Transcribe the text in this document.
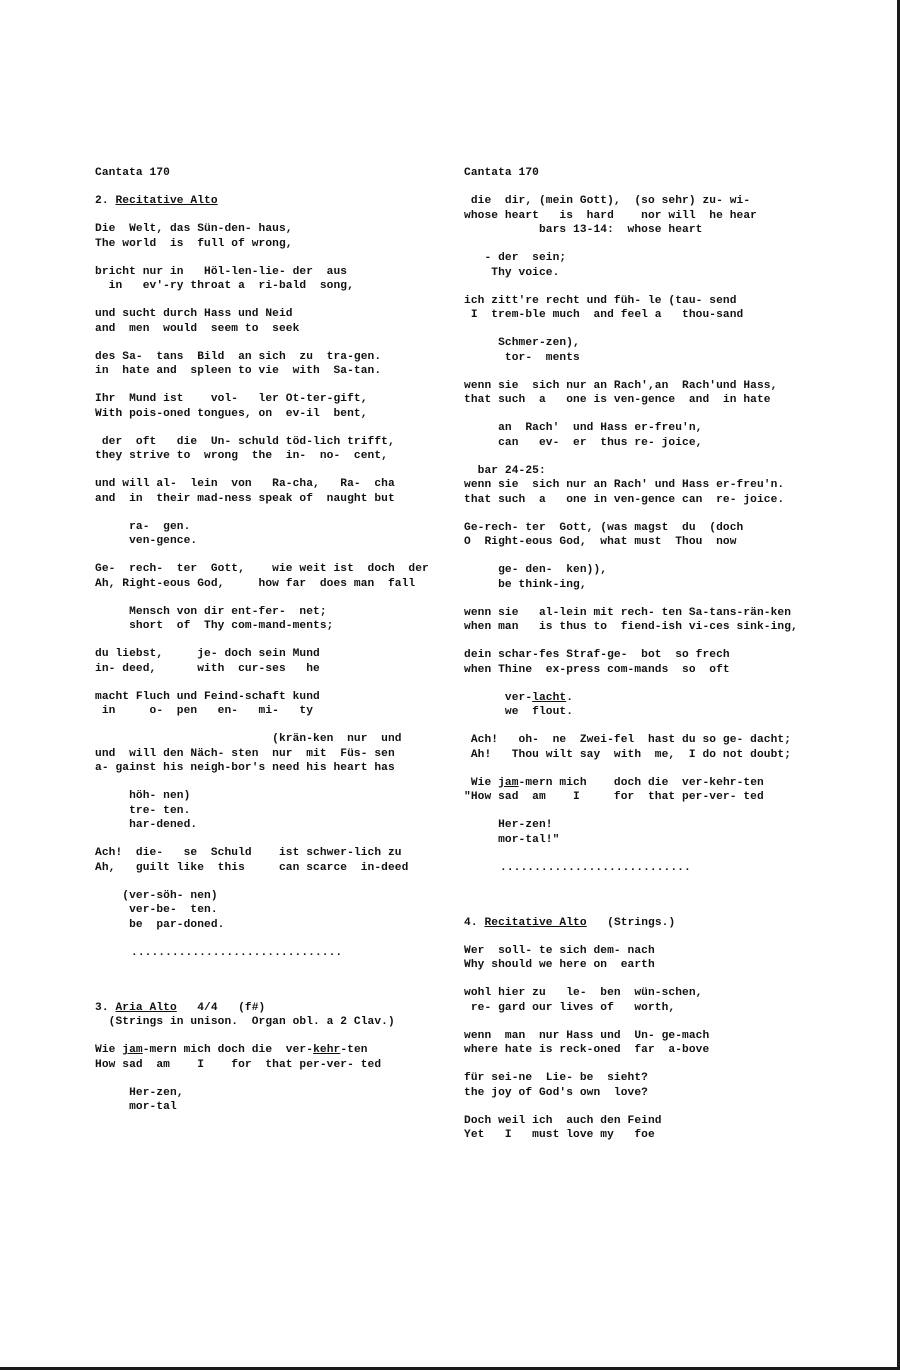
Cantata 170
2. Recitative Alto
Die  Welt, das Sün-den- haus,
The world  is  full of wrong,
bricht nur in   Höl-len-lie- der  aus
in   ev'-ry throat a  ri-bald  song,
und sucht durch Hass und Neid
and  men  would  seem to  seek
des Sa-  tans  Bild  an sich  zu  tra-gen.
in  hate and  spleen to vie  with  Sa-tan.
Ihr  Mund ist    vol-   ler Ot-ter-gift,
With pois-oned tongues, on  ev-il  bent,
der  oft   die  Un- schuld töd-lich trifft,
they strive to  wrong  the  in-  no-  cent,
und will al-  lein  von   Ra-cha,   Ra-  cha
and  in  their mad-ness speak of  naught but
ra-  gen.
ven-gence.
Ge-  rech-  ter  Gott,    wie weit ist  doch  der
Ah, Right-eous God,     how far  does man  fall
Mensch von dir ent-fer-  net;
short  of  Thy com-mand-ments;
du liebst,     je- doch sein Mund
in- deed,      with  cur-ses   he
macht Fluch und Feind-schaft kund
in     o-  pen   en-   mi-   ty
(krän-ken  nur  und
und  will den Näch- sten  nur  mit  Füs- sen
a- gainst his neigh-bor's need his heart has
höh- nen)
tre- ten.
har-dened.
Ach!  die-   se  Schuld    ist schwer-lich zu
Ah,   guilt like  this     can scarce  in-deed
(ver-söh- nen)
ver-be-  ten.
be  par-doned.
...............................
3. Aria Alto   4/4   (f#)
(Strings in unison.  Organ obl. a 2 Clav.)
Wie jam-mern mich doch die  ver-kehr-ten
How sad  am    I    for  that per-ver- ted
Her-zen,
mor-tal
Cantata 170
die  dir, (mein Gott),  (so sehr) zu- wi-
whose heart   is  hard    nor will  he hear
bars 13-14:  whose heart
- der  sein;
Thy voice.
ich zitt're recht und füh- le (tau- send
I  trem-ble much  and feel a   thou-sand
Schmer-zen),
tor-  ments
wenn sie  sich nur an Rach',an  Rach'und Hass,
that such  a   one is ven-gence  and  in hate
an  Rach'  und Hass er-freu'n,
can   ev-  er  thus re- joice,
bar 24-25:
wenn sie  sich nur an Rach' und Hass er-freu'n.
that such  a   one in ven-gence can  re- joice.
Ge-rech- ter  Gott, (was magst  du  (doch
O  Right-eous God,  what must  Thou  now
ge- den-  ken)),
be think-ing,
wenn sie   al-lein mit rech- ten Sa-tans-rän-ken
when man   is thus to  fiend-ish vi-ces sink-ing,
dein schar-fes Straf-ge-  bot  so frech
when Thine  ex-press com-mands  so  oft
ver-lacht.
we  flout.
Ach!   oh-  ne  Zwei-fel  hast du so ge- dacht;
Ah!   Thou wilt say  with  me,  I do not doubt;
Wie jam-mern mich    doch die  ver-kehr-ten
"How sad  am    I     for  that per-ver- ted
Her-zen!
mor-tal!"
............................
4. Recitative Alto   (Strings.)
Wer  soll- te sich dem- nach
Why should we here on  earth
wohl hier zu   le-  ben  wün-schen,
re- gard our lives of   worth,
wenn  man  nur Hass und  Un- ge-mach
where hate is reck-oned  far  a-bove
für sei-ne  Lie- be  sieht?
the joy of God's own  love?
Doch weil ich  auch den Feind
Yet   I   must love my   foe
